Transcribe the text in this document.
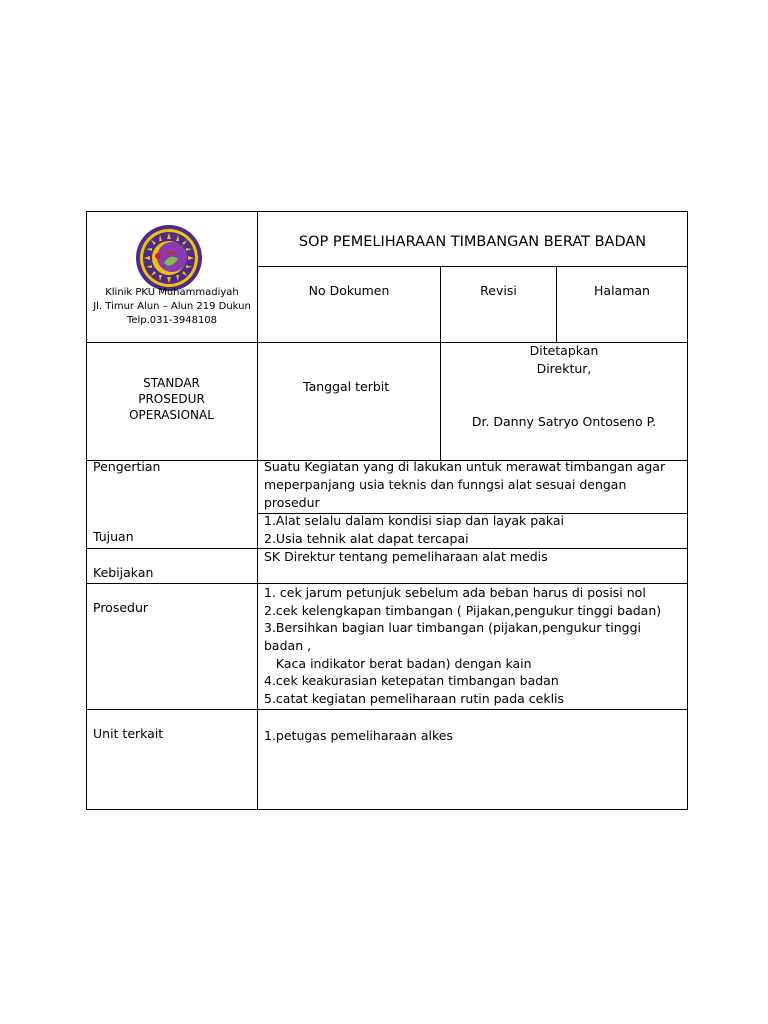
Klinik PKU Muhammadiyah
Jl. Timur Alun – Alun 219 Dukun
Telp.031-3948108
SOP PEMELIHARAAN TIMBANGAN BERAT BADAN
No Dokumen	Revisi	Halaman
STANDAR
PROSEDUR
OPERASIONAL
Tanggal terbit
Ditetapkan
Direktur,
Dr. Danny Satryo Ontoseno P.
Pengertian
Tujuan
Kebijakan
Prosedur
Unit terkait
Suatu Kegiatan yang di lakukan untuk merawat timbangan agar
meperpanjang usia teknis dan funngsi alat sesuai dengan
prosedur
1.Alat selalu dalam kondisi siap dan layak pakai
2.Usia tehnik alat dapat tercapai
SK Direktur tentang pemeliharaan alat medis
1. cek jarum petunjuk sebelum ada beban harus di posisi nol
2.cek kelengkapan timbangan ( Pijakan,pengukur tinggi badan)
3.Bersihkan bagian luar timbangan (pijakan,pengukur tinggi
badan ,
Kaca indikator berat badan) dengan kain
4.cek keakurasian ketepatan timbangan badan
5.catat kegiatan pemeliharaan rutin pada ceklis
1.petugas pemeliharaan alkes
